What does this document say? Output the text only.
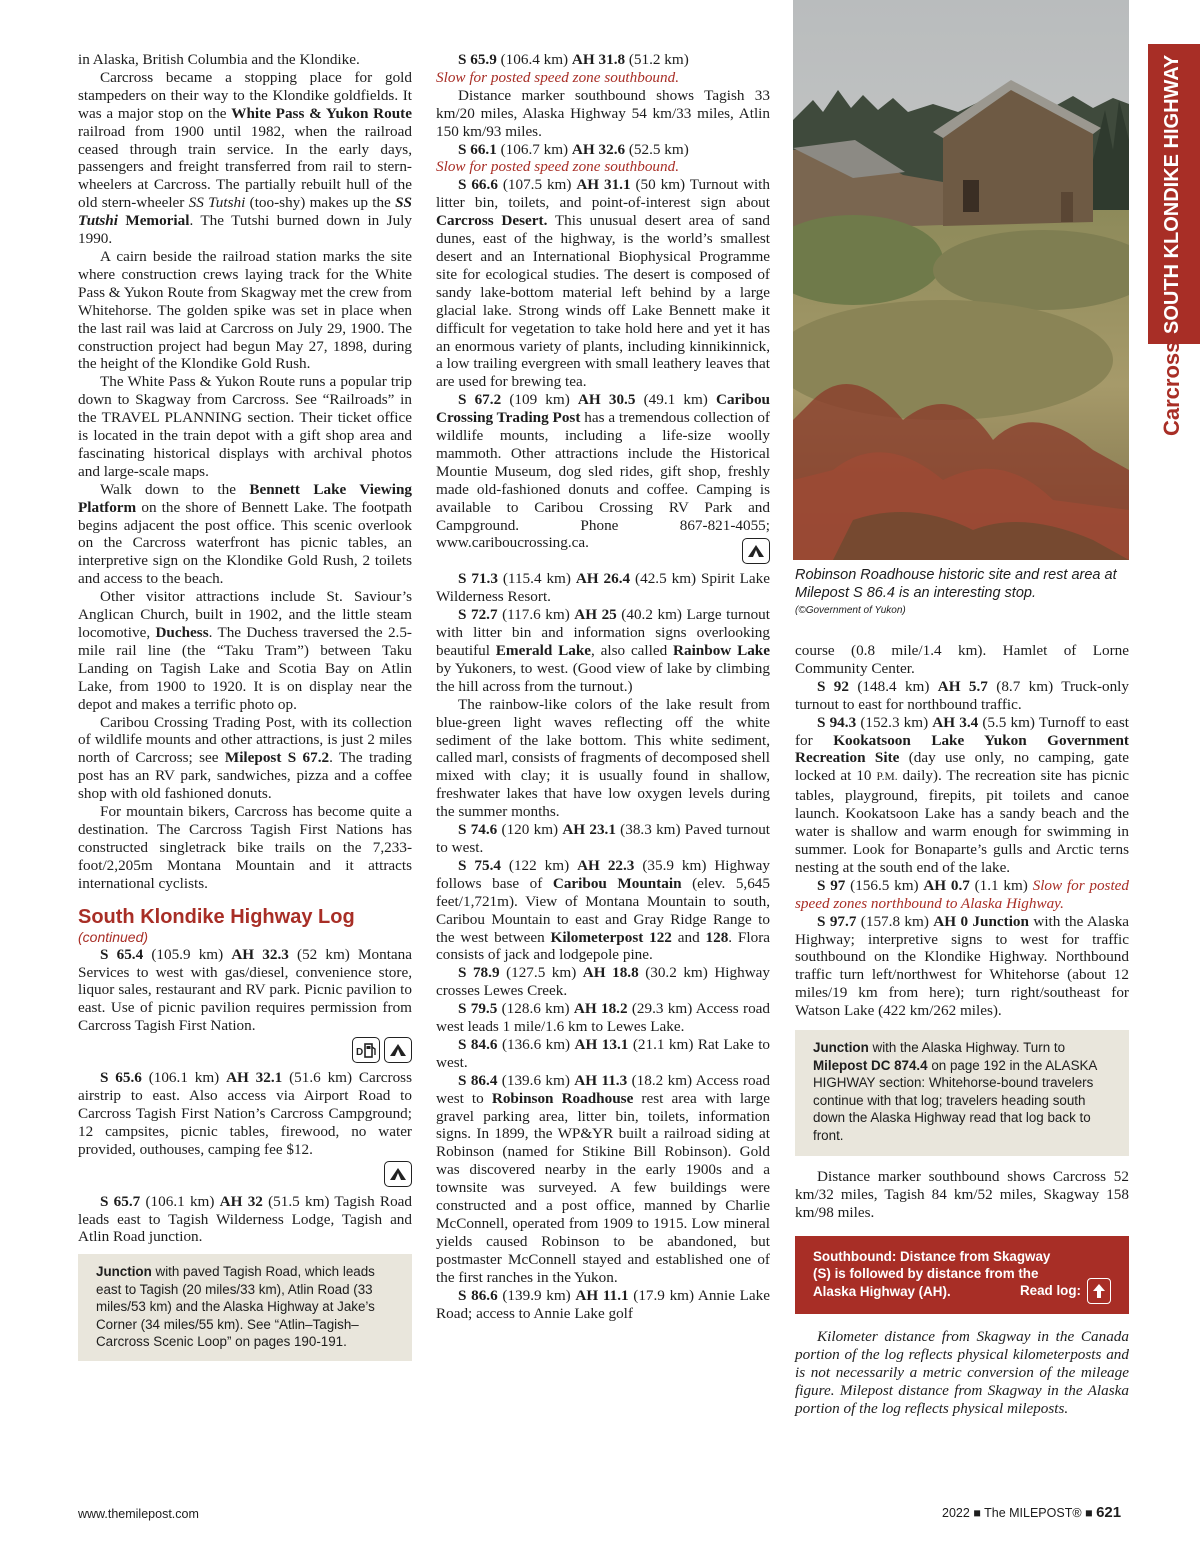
in Alaska, British Columbia and the Klondike.

Carcross became a stopping place for gold stampeders on their way to the Klondike goldfields. It was a major stop on the White Pass & Yukon Route railroad from 1900 until 1982, when the railroad ceased through train service. In the early days, passengers and freight transferred from rail to stern-wheelers at Carcross. The partially rebuilt hull of the old stern-wheeler SS Tutshi (too-shy) makes up the SS Tutshi Memorial. The Tutshi burned down in July 1990.

A cairn beside the railroad station marks the site where construction crews laying track for the White Pass & Yukon Route from Skagway met the crew from Whitehorse. The golden spike was set in place when the last rail was laid at Carcross on July 29, 1900. The construction project had begun May 27, 1898, during the height of the Klondike Gold Rush.

The White Pass & Yukon Route runs a popular trip down to Skagway from Carcross. See “Railroads” in the TRAVEL PLANNING section. Their ticket office is located in the train depot with a gift shop area and fascinating historical displays with archival photos and large-scale maps.

Walk down to the Bennett Lake Viewing Platform on the shore of Bennett Lake. The footpath begins adjacent the post office. This scenic overlook on the Carcross waterfront has picnic tables, an interpretive sign on the Klondike Gold Rush, 2 toilets and access to the beach.

Other visitor attractions include St. Saviour’s Anglican Church, built in 1902, and the little steam locomotive, Duchess. The Duchess traversed the 2.5-mile rail line (the “Taku Tram”) between Taku Landing on Tagish Lake and Scotia Bay on Atlin Lake, from 1900 to 1920. It is on display near the depot and makes a terrific photo op.

Caribou Crossing Trading Post, with its collection of wildlife mounts and other attractions, is just 2 miles north of Carcross; see Milepost S 67.2. The trading post has an RV park, sandwiches, pizza and a coffee shop with old fashioned donuts.

For mountain bikers, Carcross has become quite a destination. The Carcross Tagish First Nations has constructed singletrack bike trails on the 7,233-foot/2,205m Montana Mountain and it attracts international cyclists.

South Klondike Highway Log
(continued)

S 65.4 (105.9 km) AH 32.3 (52 km) Montana Services to west with gas/diesel, convenience store, liquor sales, restaurant and RV park. Picnic pavilion to east. Use of picnic pavilion requires permission from Carcross Tagish First Nation.

D

S 65.6 (106.1 km) AH 32.1 (51.6 km) Carcross airstrip to east. Also access via Airport Road to Carcross Tagish First Nation’s Carcross Campground; 12 campsites, picnic tables, firewood, no water provided, outhouses, camping fee $12.

S 65.7 (106.1 km) AH 32 (51.5 km) Tagish Road leads east to Tagish Wilderness Lodge, Tagish and Atlin Road junction.

Junction with paved Tagish Road, which leads east to Tagish (20 miles/33 km), Atlin Road (33 miles/53 km) and the Alaska Highway at Jake’s Corner (34 miles/55 km). See “Atlin–Tagish–Carcross Scenic Loop” on pages 190-191.

S 65.9 (106.4 km) AH 31.8 (51.2 km)

Slow for posted speed zone southbound.

Distance marker southbound shows Tagish 33 km/20 miles, Alaska Highway 54 km/33 miles, Atlin 150 km/93 miles.

S 66.1 (106.7 km) AH 32.6 (52.5 km)

Slow for posted speed zone southbound.

S 66.6 (107.5 km) AH 31.1 (50 km) Turnout with litter bin, toilets, and point-of-interest sign about Carcross Desert. This unusual desert area of sand dunes, east of the highway, is the world’s smallest desert and an International Biophysical Programme site for ecological studies. The desert is composed of sandy lake-bottom material left behind by a large glacial lake. Strong winds off Lake Bennett make it difficult for vegetation to take hold here and yet it has an enormous variety of plants, including kinnikinnick, a low trailing evergreen with small leathery leaves that are used for brewing tea.

S 67.2 (109 km) AH 30.5 (49.1 km) Caribou Crossing Trading Post has a tremendous collection of wildlife mounts, including a life-size woolly mammoth. Other attractions include the Historical Mountie Museum, dog sled rides, gift shop, freshly made old-fashioned donuts and coffee. Camping is available to Caribou Crossing RV Park and Campground. Phone 867-821-4055; www.cariboucrossing.ca.

S 71.3 (115.4 km) AH 26.4 (42.5 km) Spirit Lake Wilderness Resort.

S 72.7 (117.6 km) AH 25 (40.2 km) Large turnout with litter bin and information signs overlooking beautiful Emerald Lake, also called Rainbow Lake by Yukoners, to west. (Good view of lake by climbing the hill across from the turnout.)

The rainbow-like colors of the lake result from blue-green light waves reflecting off the white sediment of the lake bottom. This white sediment, called marl, consists of fragments of decomposed shell mixed with clay; it is usually found in shallow, freshwater lakes that have low oxygen levels during the summer months.

S 74.6 (120 km) AH 23.1 (38.3 km) Paved turnout to west.

S 75.4 (122 km) AH 22.3 (35.9 km) Highway follows base of Caribou Mountain (elev. 5,645 feet/1,721m). View of Montana Mountain to south, Caribou Mountain to east and Gray Ridge Range to the west between Kilometerpost 122 and 128. Flora consists of jack and lodgepole pine.

S 78.9 (127.5 km) AH 18.8 (30.2 km) Highway crosses Lewes Creek.

S 79.5 (128.6 km) AH 18.2 (29.3 km) Access road west leads 1 mile/1.6 km to Lewes Lake.

S 84.6 (136.6 km) AH 13.1 (21.1 km) Rat Lake to west.

S 86.4 (139.6 km) AH 11.3 (18.2 km) Access road west to Robinson Roadhouse rest area with large gravel parking area, litter bin, toilets, information signs. In 1899, the WP&YR built a railroad siding at Robinson (named for Stikine Bill Robinson). Gold was discovered nearby in the early 1900s and a townsite was surveyed. A few buildings were constructed and a post office, manned by Charlie McConnell, operated from 1909 to 1915. Low mineral yields caused Robinson to be abandoned, but postmaster McConnell stayed and established one of the first ranches in the Yukon.

S 86.6 (139.9 km) AH 11.1 (17.9 km) Annie Lake Road; access to Annie Lake golf

Robinson Roadhouse historic site and rest area at Milepost S 86.4 is an interesting stop.
(©Government of Yukon)
SOUTH KLONDIKE HIGHWAY
Carcross

course (0.8 mile/1.4 km). Hamlet of Lorne Community Center.

S 92 (148.4 km) AH 5.7 (8.7 km) Truck-only turnout to east for northbound traffic.

S 94.3 (152.3 km) AH 3.4 (5.5 km) Turnoff to east for Kookatsoon Lake Yukon Government Recreation Site (day use only, no camping, gate locked at 10 P.M. daily). The recreation site has picnic tables, playground, firepits, pit toilets and canoe launch. Kookatsoon Lake has a sandy beach and the water is shallow and warm enough for swimming in summer. Look for Bonaparte’s gulls and Arctic terns nesting at the south end of the lake.

S 97 (156.5 km) AH 0.7 (1.1 km) Slow for posted speed zones northbound to Alaska Highway.

S 97.7 (157.8 km) AH 0 Junction with the Alaska Highway; interpretive signs to west for traffic southbound on the Klondike Highway. Northbound traffic turn left/northwest for Whitehorse (about 12 miles/19 km from here); turn right/southeast for Watson Lake (422 km/262 miles).

Junction with the Alaska Highway. Turn to Milepost DC 874.4 on page 192 in the ALASKA HIGHWAY section: Whitehorse-bound travelers continue with that log; travelers heading south down the Alaska Highway read that log back to front.

Distance marker southbound shows Carcross 52 km/32 miles, Tagish 84 km/52 miles, Skagway 158 km/98 miles.

Southbound: Distance from Skagway (S) is followed by distance from the Alaska Highway (AH).	Read log:

Kilometer distance from Skagway in the Canada portion of the log reflects physical kilometerposts and is not necessarily a metric conversion of the mileage figure. Milepost distance from Skagway in the Alaska portion of the log reflects physical mileposts.

www.themilepost.com	2022 ■ The MILEPOST® ■ 621
